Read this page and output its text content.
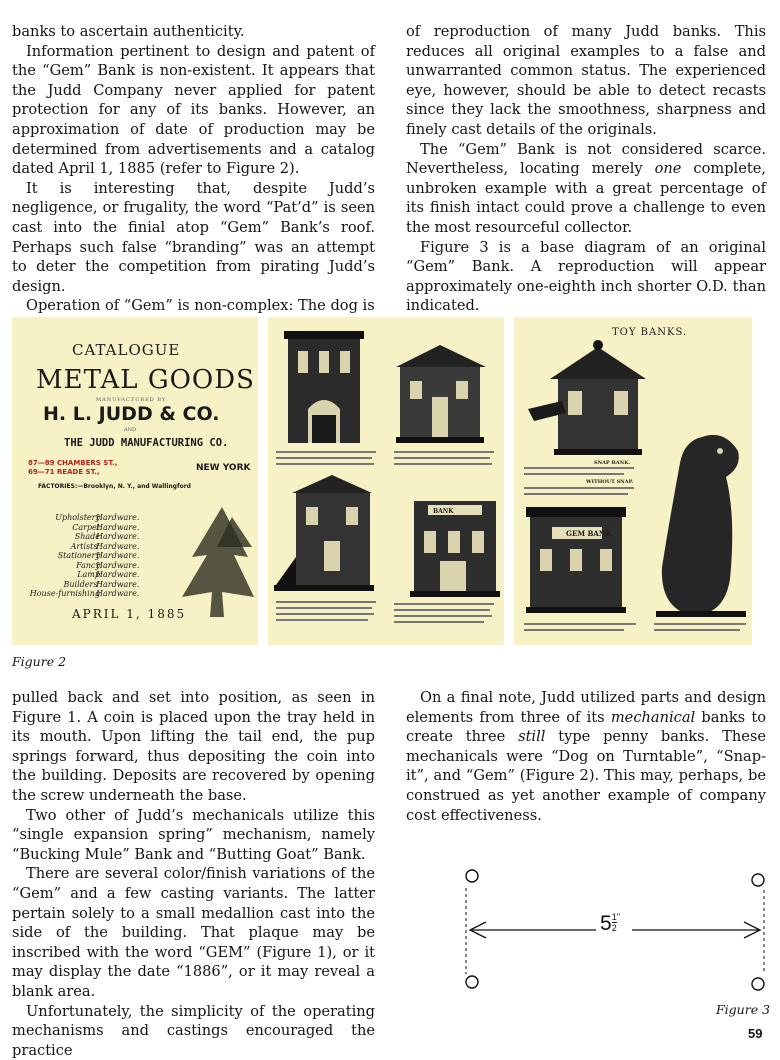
banks to ascertain authenticity.

Information pertinent to design and patent of the “Gem” Bank is non-existent. It appears that the Judd Company never applied for patent protection for any of its banks. However, an approximation of date of production may be determined from advertisements and a catalog dated April 1, 1885 (refer to Figure 2).

It is interesting that, despite Judd’s negligence, or frugality, the word “Pat’d” is seen cast into the finial atop “Gem” Bank’s roof. Perhaps such false “branding” was an attempt to deter the competition from pirating Judd’s design.

Operation of “Gem” is non-complex: The dog is

of reproduction of many Judd banks. This reduces all original examples to a false and unwarranted common status. The experienced eye, however, should be able to detect recasts since they lack the smoothness, sharpness and finely cast details of the originals.

The “Gem” Bank is not considered scarce. Nevertheless, locating merely one complete, unbroken example with a great percentage of its finish intact could prove a challenge to even the most resourceful collector.

Figure 3 is a base diagram of an original “Gem” Bank. A reproduction will appear approximately one-eighth inch shorter O.D. than indicated.

CATALOGUE
METAL GOODS
MANUFACTURED BY
H. L. JUDD & CO.
AND
THE JUDD MANUFACTURING CO.
87—89 CHAMBERS ST.,
69—71 READE ST.,	NEW YORK
FACTORIES:—Brooklyn, N. Y., and Wallingford
Upholstery
Carpet
Shade
Artists’
Stationery
Fancy
Lamp
Builders’
House-furnishing
Hardware.
Hardware.
Hardware.
Hardware.
Hardware.
Hardware.
Hardware.
Hardware.
Hardware.
APRIL 1, 1885
BANK
TOY BANKS.
SNAP BANK.
WITHOUT SNAP.
GEM BANK
Figure 2

pulled back and set into position, as seen in Figure 1. A coin is placed upon the tray held in its mouth. Upon lifting the tail end, the pup springs forward, thus depositing the coin into the building. Deposits are recovered by opening the screw underneath the base.

Two other of Judd’s mechanicals utilize this “single expansion spring” mechanism, namely “Bucking Mule” Bank and “Butting Goat” Bank.

There are several color/finish variations of the “Gem” and a few casting variants. The latter pertain solely to a small medallion cast into the side of the building. That plaque may be inscribed with the word “GEM” (Figure 1), or it may display the date “1886”, or it may reveal a blank area.

Unfortunately, the simplicity of the operating mechanisms and castings encouraged the practice

On a final note, Judd utilized parts and design elements from three of its mechanical banks to create three still type penny banks. These mechanicals were “Dog on Turntable”, “Snap-it”, and “Gem” (Figure 2). This may, perhaps, be construed as yet another example of company cost effectiveness.

$5 \frac{1}{2} ^"$
Figure 3
59
